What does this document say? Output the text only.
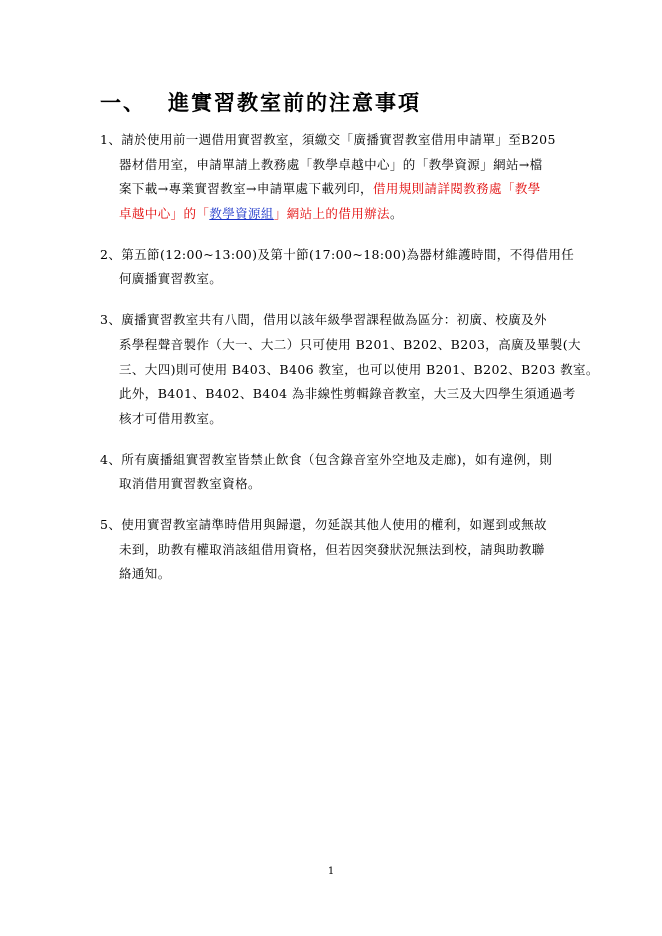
一、 進實習教室前的注意事項
1、請於使用前一週借用實習教室，須繳交「廣播實習教室借用申請單」至B205
器材借用室，申請單請上教務處「教學卓越中心」的「教學資源」網站→檔
案下載→專業實習教室→申請單處下載列印，借用規則請詳閱教務處「教學
卓越中心」的「教學資源組」網站上的借用辦法。
2、第五節(12:00~13:00)及第十節(17:00~18:00)為器材維護時間，不得借用任
何廣播實習教室。
3、廣播實習教室共有八間，借用以該年級學習課程做為區分：初廣、校廣及外
系學程聲音製作（大一、大二）只可使用 B201、B202、B203，高廣及畢製(大
三、大四)則可使用 B403、B406 教室，也可以使用 B201、B202、B203 教室。
此外，B401、B402、B404 為非線性剪輯錄音教室，大三及大四學生須通過考
核才可借用教室。
4、所有廣播組實習教室皆禁止飲食（包含錄音室外空地及走廊)，如有違例，則
取消借用實習教室資格。
5、使用實習教室請準時借用與歸還，勿延誤其他人使用的權利，如遲到或無故
未到，助教有權取消該組借用資格，但若因突發狀況無法到校，請與助教聯
絡通知。
1
